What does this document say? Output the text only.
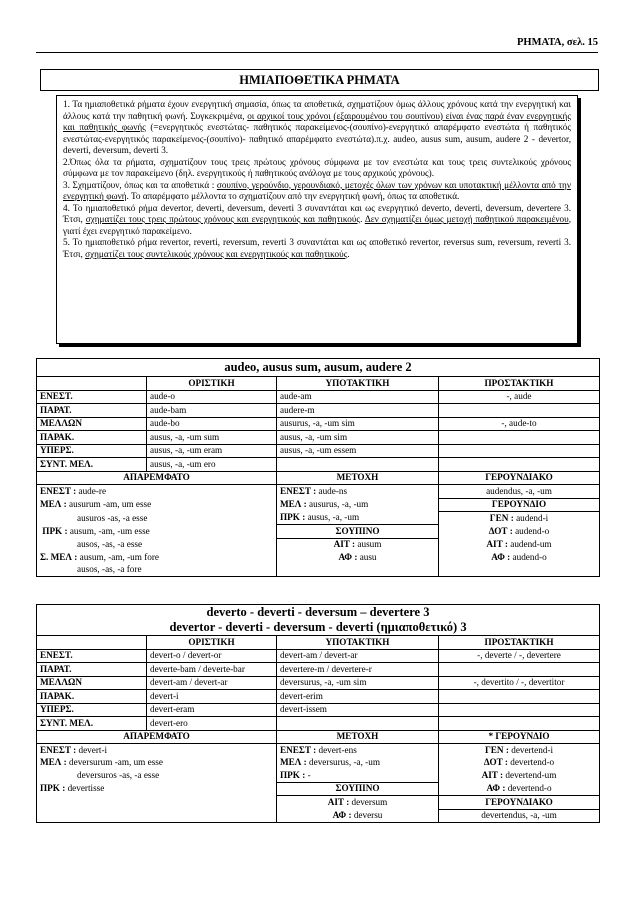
ΡΗΜΑΤΑ, σελ. 15
ΗΜΙΑΠΟΘΕΤΙΚΑ ΡΗΜΑΤΑ

1. Τα ημιαποθετικά ρήματα έχουν ενεργητική σημασία, όπως τα αποθετικά, σχηματίζουν όμως άλλους χρόνους κατά την ενεργητική και άλλους κατά την παθητική φωνή. Συγκεκριμένα, οι αρχικοί τους χρόνοι (εξαιρουμένου του σουπίνου) είναι ένας παρά έναν ενεργητικής και παθητικής φωνής (=ενεργητικός ενεστώτας- παθητικός παρακείμενος-(σουπίνο)-ενεργητικό απαρέμφατο ενεστώτα ή παθητικός ενεστώτας-ενεργητικός παρακείμενος-(σουπίνο)- παθητικό απαρέμφατο ενεστώτα).π.χ. audeo, ausus sum, ausum, audere 2 - devertor, deverti, deversum, deverti 3.

2.Όπως όλα τα ρήματα, σχηματίζουν τους τρεις πρώτους χρόνους σύμφωνα με τον ενεστώτα και τους τρεις συντελικούς χρόνους σύμφωνα με τον παρακείμενο (δηλ. ενεργητικούς ή παθητικούς ανάλογα με τους αρχικούς χρόνους).

3. Σχηματίζουν, όπως και τα αποθετικά : σουπίνο, γερούνδιο, γερουνδιακό, μετοχές όλων των χρόνων και υποτακτική μέλλοντα από την ενεργητική φωνή. Το απαρέμφατο μέλλοντα το σχηματίζουν από την ενεργητική φωνή, όπως τα αποθετικά.

4. Το ημιαποθετικό ρήμα devertor, deverti, deversum, deverti 3 συναντάται και ως ενεργητικό deverto, deverti, deversum, devertere 3. Έτσι, σχηματίζει τους τρεις πρώτους χρόνους και ενεργητικούς και παθητικούς. Δεν σχηματίζει όμως μετοχή παθητικού παρακειμένου, γιατί έχει ενεργητικό παρακείμενο.

5. Το ημιαποθετικό ρήμα revertor, reverti, reversum, reverti 3 συναντάται και ως αποθετικό revertor, reversus sum, reversum, reverti 3. Έτσι, σχηματίζει τους συντελικούς χρόνους και ενεργητικούς και παθητικούς.

audeo, ausus sum, ausum, audere 2			
	ΟΡΙΣΤΙΚΗ	ΥΠΟΤΑΚΤΙΚΗ	ΠΡΟΣΤΑΚΤΙΚΗ
ΕΝΕΣΤ.	aude-o	aude-am	-, aude
ΠΑΡΑΤ.	aude-bam	audere-m	
ΜΕΛΛΩΝ	aude-bo	ausurus, -a, -um sim	-, aude-to
ΠΑΡΑΚ.	ausus, -a, -um sum	ausus, -a, -um sim	
ΥΠΕΡΣ.	ausus, -a, -um eram	ausus, -a, -um essem	
ΣΥΝΤ. ΜΕΛ.	ausus, -a, -um ero		
ΑΠΑΡΕΜΦΑΤΟ		ΜΕΤΟΧΗ	ΓΕΡΟΥΝΔΙΑΚΟ
ΕΝΕΣΤ : aude-re		ΕΝΕΣΤ : aude-ns	audendus, -a, -um
ΜΕΛ : ausurum -am, um esse		ΜΕΛ : ausurus, -a, -um	ΓΕΡΟΥΝΔΙΟ
ausuros -as, -a esse		ΠΡΚ : ausus, -a, -um	ΓΕΝ : audend-i
ΠΡΚ : ausum, -am, -um esse		ΣΟΥΠΙΝΟ	ΔΟΤ : audend-o
ausos, -as, -a esse		ΑΙΤ : ausum	ΑΙΤ : audend-um
Σ. ΜΕΛ : ausum, -am, -um fore		ΑΦ : ausu	ΑΦ : audend-o
ausos, -as, -a fore			
deverto - deverti - deversum – devertere 3
devertor - deverti - deversum - deverti (ημιαποθετικό) 3			

	ΟΡΙΣΤΙΚΗ	ΥΠΟΤΑΚΤΙΚΗ	ΠΡΟΣΤΑΚΤΙΚΗ
ΕΝΕΣΤ.	devert-o / devert-or	devert-am / devert-ar	-, deverte / -, devertere
ΠΑΡΑΤ.	deverte-bam / deverte-bar	devertere-m / devertere-r	
ΜΕΛΛΩΝ	devert-am / devert-ar	deversurus, -a, -um sim	-, devertito / -, devertitor
ΠΑΡΑΚ.	devert-i	devert-erim	
ΥΠΕΡΣ.	devert-eram	devert-issem	
ΣΥΝΤ. ΜΕΛ.	devert-ero		
ΑΠΑΡΕΜΦΑΤΟ		ΜΕΤΟΧΗ	* ΓΕΡΟΥΝΔΙΟ
ΕΝΕΣΤ : devert-i		ΕΝΕΣΤ : devert-ens	ΓΕΝ : devertend-i
ΜΕΛ : deversurum -am, um esse		ΜΕΛ : deversurus, -a, -um	ΔΟΤ : devertend-o
deversuros -as, -a esse		ΠΡΚ : -	ΑΙΤ : devertend-um
ΠΡΚ : devertisse		ΣΟΥΠΙΝΟ	ΑΦ : devertend-o
		ΑΙΤ : deversum	ΓΕΡΟΥΝΔΙΑΚΟ
		ΑΦ : deversu	devertendus, -a, -um
